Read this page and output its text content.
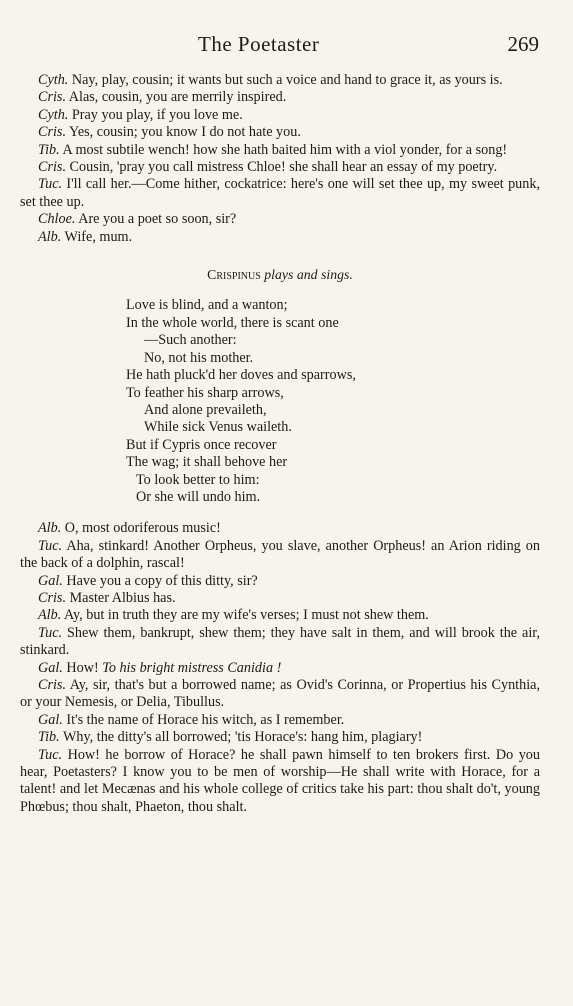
The Poetaster	269

Cyth. Nay, play, cousin; it wants but such a voice and hand to grace it, as yours is.

Cris. Alas, cousin, you are merrily inspired.

Cyth. Pray you play, if you love me.

Cris. Yes, cousin; you know I do not hate you.

Tib. A most subtile wench! how she hath baited him with a viol yonder, for a song!

Cris. Cousin, 'pray you call mistress Chloe! she shall hear an essay of my poetry.

Tuc. I'll call her.—Come hither, cockatrice: here's one will set thee up, my sweet punk, set thee up.

Chloe. Are you a poet so soon, sir?

Alb. Wife, mum.

Crispinus plays and sings.
Love is blind, and a wanton;
In the whole world, there is scant one
—Such another:
No, not his mother.
He hath pluck'd her doves and sparrows,
To feather his sharp arrows,
And alone prevaileth,
While sick Venus waileth.
But if Cypris once recover
The wag; it shall behove her
To look better to him:
Or she will undo him.

Alb. O, most odoriferous music!

Tuc. Aha, stinkard! Another Orpheus, you slave, another Orpheus! an Arion riding on the back of a dolphin, rascal!

Gal. Have you a copy of this ditty, sir?

Cris. Master Albius has.

Alb. Ay, but in truth they are my wife's verses; I must not shew them.

Tuc. Shew them, bankrupt, shew them; they have salt in them, and will brook the air, stinkard.

Gal. How! To his bright mistress Canidia !

Cris. Ay, sir, that's but a borrowed name; as Ovid's Corinna, or Propertius his Cynthia, or your Nemesis, or Delia, Tibullus.

Gal. It's the name of Horace his witch, as I remember.

Tib. Why, the ditty's all borrowed; 'tis Horace's: hang him, plagiary!

Tuc. How! he borrow of Horace? he shall pawn himself to ten brokers first. Do you hear, Poetasters? I know you to be men of worship—He shall write with Horace, for a talent! and let Mecænas and his whole college of critics take his part: thou shalt do't, young Phœbus; thou shalt, Phaeton, thou shalt.
